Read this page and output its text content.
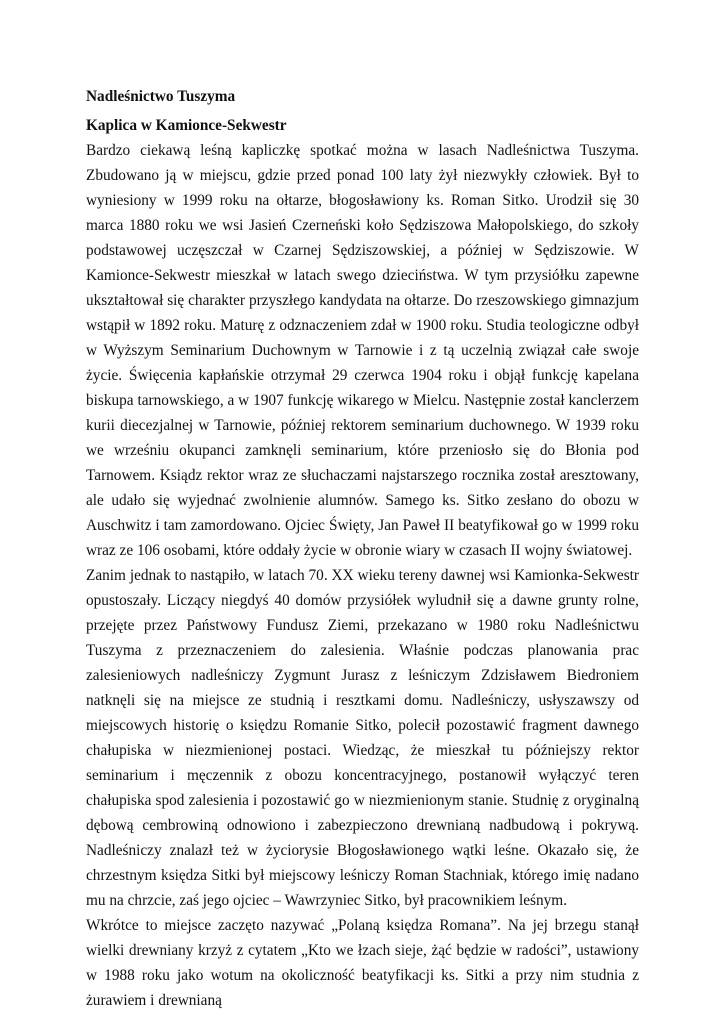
Nadleśnictwo Tuszyma

Kaplica w Kamionce-Sekwestr

Bardzo ciekawą leśną kapliczkę spotkać można w lasach Nadleśnictwa Tuszyma. Zbudowano ją w miejscu, gdzie przed ponad 100 laty żył niezwykły człowiek. Był to wyniesiony w 1999 roku na ołtarze, błogosławiony ks. Roman Sitko. Urodził się 30 marca 1880 roku we wsi Jasień Czerneński koło Sędziszowa Małopolskiego, do szkoły podstawowej uczęszczał w Czarnej Sędziszowskiej, a później w Sędziszowie. W Kamionce-Sekwestr mieszkał w latach swego dzieciństwa. W tym przysiółku zapewne ukształtował się charakter przyszłego kandydata na ołtarze. Do rzeszowskiego gimnazjum wstąpił w 1892 roku. Maturę z odznaczeniem zdał w 1900 roku. Studia teologiczne odbył w Wyższym Seminarium Duchownym w Tarnowie i z tą uczelnią związał całe swoje życie. Święcenia kapłańskie otrzymał 29 czerwca 1904 roku i objął funkcję kapelana biskupa tarnowskiego, a w 1907 funkcję wikarego w Mielcu. Następnie został kanclerzem kurii diecezjalnej w Tarnowie, później rektorem seminarium duchownego. W 1939 roku we wrześniu okupanci zamknęli seminarium, które przeniosło się do Błonia pod Tarnowem. Ksiądz rektor wraz ze słuchaczami najstarszego rocznika został aresztowany, ale udało się wyjednać zwolnienie alumnów. Samego ks. Sitko zesłano do obozu w Auschwitz i tam zamordowano. Ojciec Święty, Jan Paweł II beatyfikował go w 1999 roku wraz ze 106 osobami, które oddały życie w obronie wiary w czasach II wojny światowej.

Zanim jednak to nastąpiło, w latach 70. XX wieku tereny dawnej wsi Kamionka-Sekwestr opustoszały. Liczący niegdyś 40 domów przysiółek wyludnił się a dawne grunty rolne, przejęte przez Państwowy Fundusz Ziemi, przekazano w 1980 roku Nadleśnictwu Tuszyma z przeznaczeniem do zalesienia. Właśnie podczas planowania prac zalesieniowych nadleśniczy Zygmunt Jurasz z leśniczym Zdzisławem Biedroniem natknęli się na miejsce ze studnią i resztkami domu. Nadleśniczy, usłyszawszy od miejscowych historię o księdzu Romanie Sitko, polecił pozostawić fragment dawnego chałupiska w niezmienionej postaci. Wiedząc, że mieszkał tu późniejszy rektor seminarium i męczennik z obozu koncentracyjnego, postanowił wyłączyć teren chałupiska spod zalesienia i pozostawić go w niezmienionym stanie. Studnię z oryginalną dębową cembrowiną odnowiono i zabezpieczono drewnianą nadbudową i pokrywą. Nadleśniczy znalazł też w życiorysie Błogosławionego wątki leśne. Okazało się, że chrzestnym księdza Sitki był miejscowy leśniczy Roman Stachniak, którego imię nadano mu na chrzcie, zaś jego ojciec – Wawrzyniec Sitko, był pracownikiem leśnym.

Wkrótce to miejsce zaczęto nazywać „Polaną księdza Romana”. Na jej brzegu stanął wielki drewniany krzyż z cytatem „Kto we łzach sieje, żąć będzie w radości”, ustawiony w 1988 roku jako wotum na okoliczność beatyfikacji ks. Sitki a przy nim studnia z żurawiem i drewnianą
